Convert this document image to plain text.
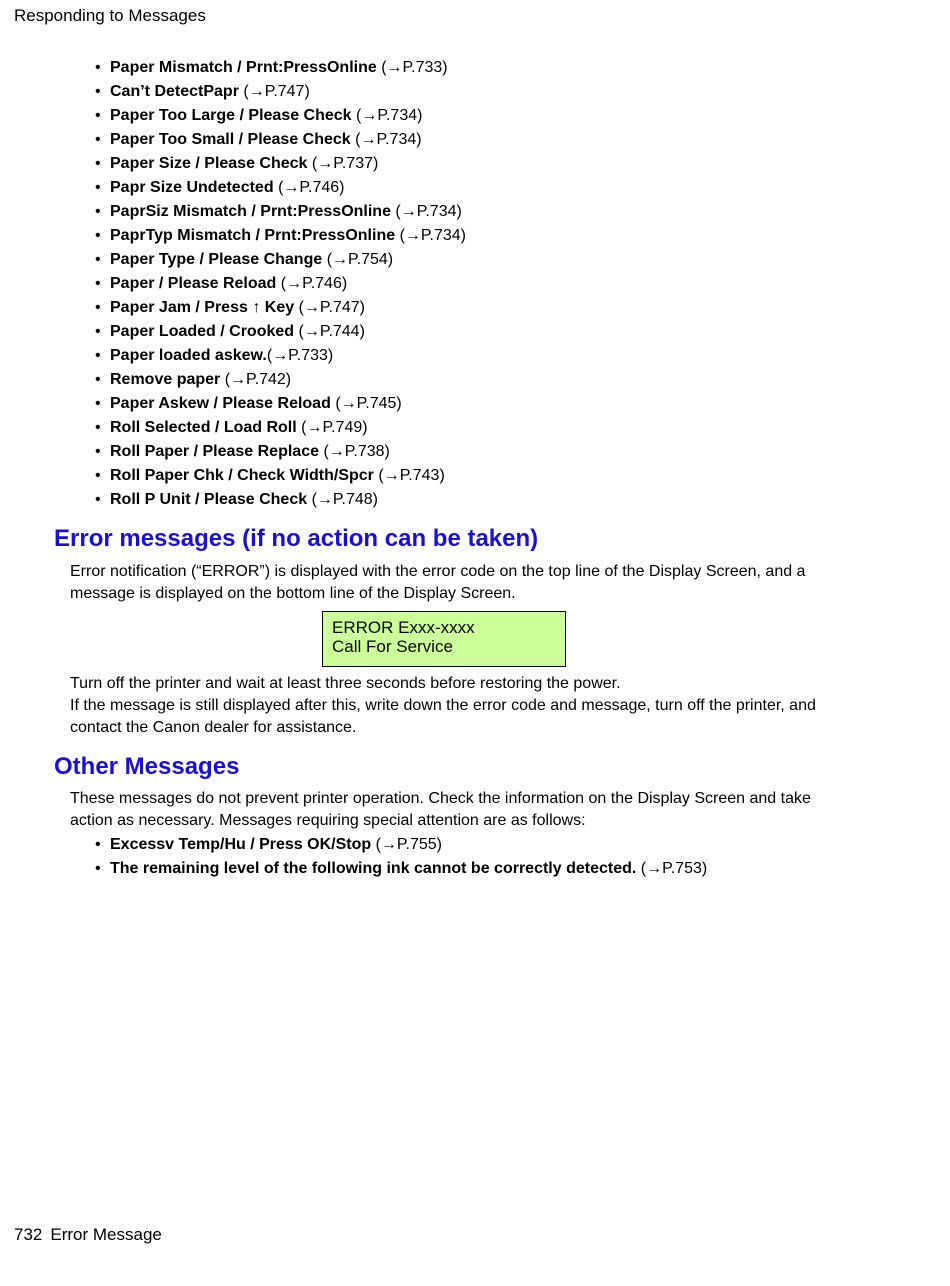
Responding to Messages
• Paper Mismatch / Prnt:PressOnline (→P.733)
• Can’t DetectPapr (→P.747)
• Paper Too Large / Please Check (→P.734)
• Paper Too Small / Please Check (→P.734)
• Paper Size / Please Check (→P.737)
• Papr Size Undetected (→P.746)
• PaprSiz Mismatch / Prnt:PressOnline (→P.734)
• PaprTyp Mismatch / Prnt:PressOnline (→P.734)
• Paper Type / Please Change (→P.754)
• Paper / Please Reload (→P.746)
• Paper Jam / Press ↑ Key (→P.747)
• Paper Loaded / Crooked (→P.744)
• Paper loaded askew.(→P.733)
• Remove paper (→P.742)
• Paper Askew / Please Reload (→P.745)
• Roll Selected / Load Roll (→P.749)
• Roll Paper / Please Replace (→P.738)
• Roll Paper Chk / Check Width/Spcr (→P.743)
• Roll P Unit / Please Check (→P.748)
Error messages (if no action can be taken)

Error notification (“ERROR”) is displayed with the error code on the top line of the Display Screen, and a message is displayed on the bottom line of the Display Screen.

ERROR Exxx-xxxx
Call For Service

Turn off the printer and wait at least three seconds before restoring the power.

If the message is still displayed after this, write down the error code and message, turn off the printer, and contact the Canon dealer for assistance.

Other Messages

These messages do not prevent printer operation. Check the information on the Display Screen and take action as necessary. Messages requiring special attention are as follows:

• Excessv Temp/Hu / Press OK/Stop (→P.755)
• The remaining level of the following ink cannot be correctly detected. (→P.753)
732 Error Message
